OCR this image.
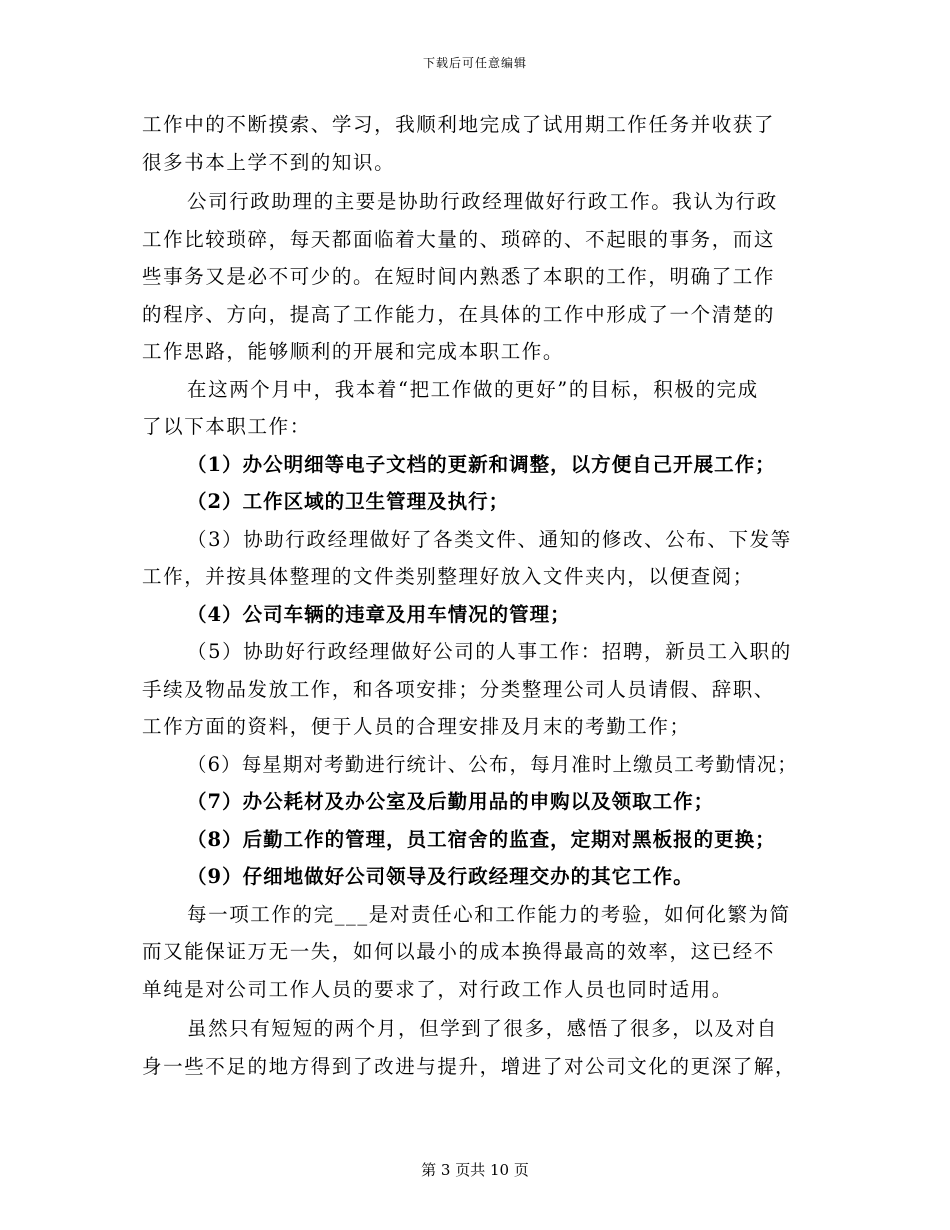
下载后可任意编辑
工作中的不断摸索、学习，我顺利地完成了试用期工作任务并收获了
很多书本上学不到的知识。
公司行政助理的主要是协助行政经理做好行政工作。我认为行政
工作比较琐碎，每天都面临着大量的、琐碎的、不起眼的事务，而这
些事务又是必不可少的。在短时间内熟悉了本职的工作，明确了工作
的程序、方向，提高了工作能力，在具体的工作中形成了一个清楚的
工作思路，能够顺利的开展和完成本职工作。
在这两个月中，我本着“把工作做的更好”的目标，积极的完成
了以下本职工作：
（1）办公明细等电子文档的更新和调整，以方便自己开展工作；
（2）工作区域的卫生管理及执行；
（3）协助行政经理做好了各类文件、通知的修改、公布、下发等
工作，并按具体整理的文件类别整理好放入文件夹内，以便查阅；
（4）公司车辆的违章及用车情况的管理；
（5）协助好行政经理做好公司的人事工作：招聘，新员工入职的
手续及物品发放工作，和各项安排；分类整理公司人员请假、辞职、
工作方面的资料，便于人员的合理安排及月末的考勤工作；
（6）每星期对考勤进行统计、公布，每月准时上缴员工考勤情况；
（7）办公耗材及办公室及后勤用品的申购以及领取工作；
（8）后勤工作的管理，员工宿舍的监查，定期对黑板报的更换；
（9）仔细地做好公司领导及行政经理交办的其它工作。
每一项工作的完___是对责任心和工作能力的考验，如何化繁为简
而又能保证万无一失，如何以最小的成本换得最高的效率，这已经不
单纯是对公司工作人员的要求了，对行政工作人员也同时适用。
虽然只有短短的两个月，但学到了很多，感悟了很多，以及对自
身一些不足的地方得到了改进与提升，增进了对公司文化的更深了解，
第 3 页共 10 页
